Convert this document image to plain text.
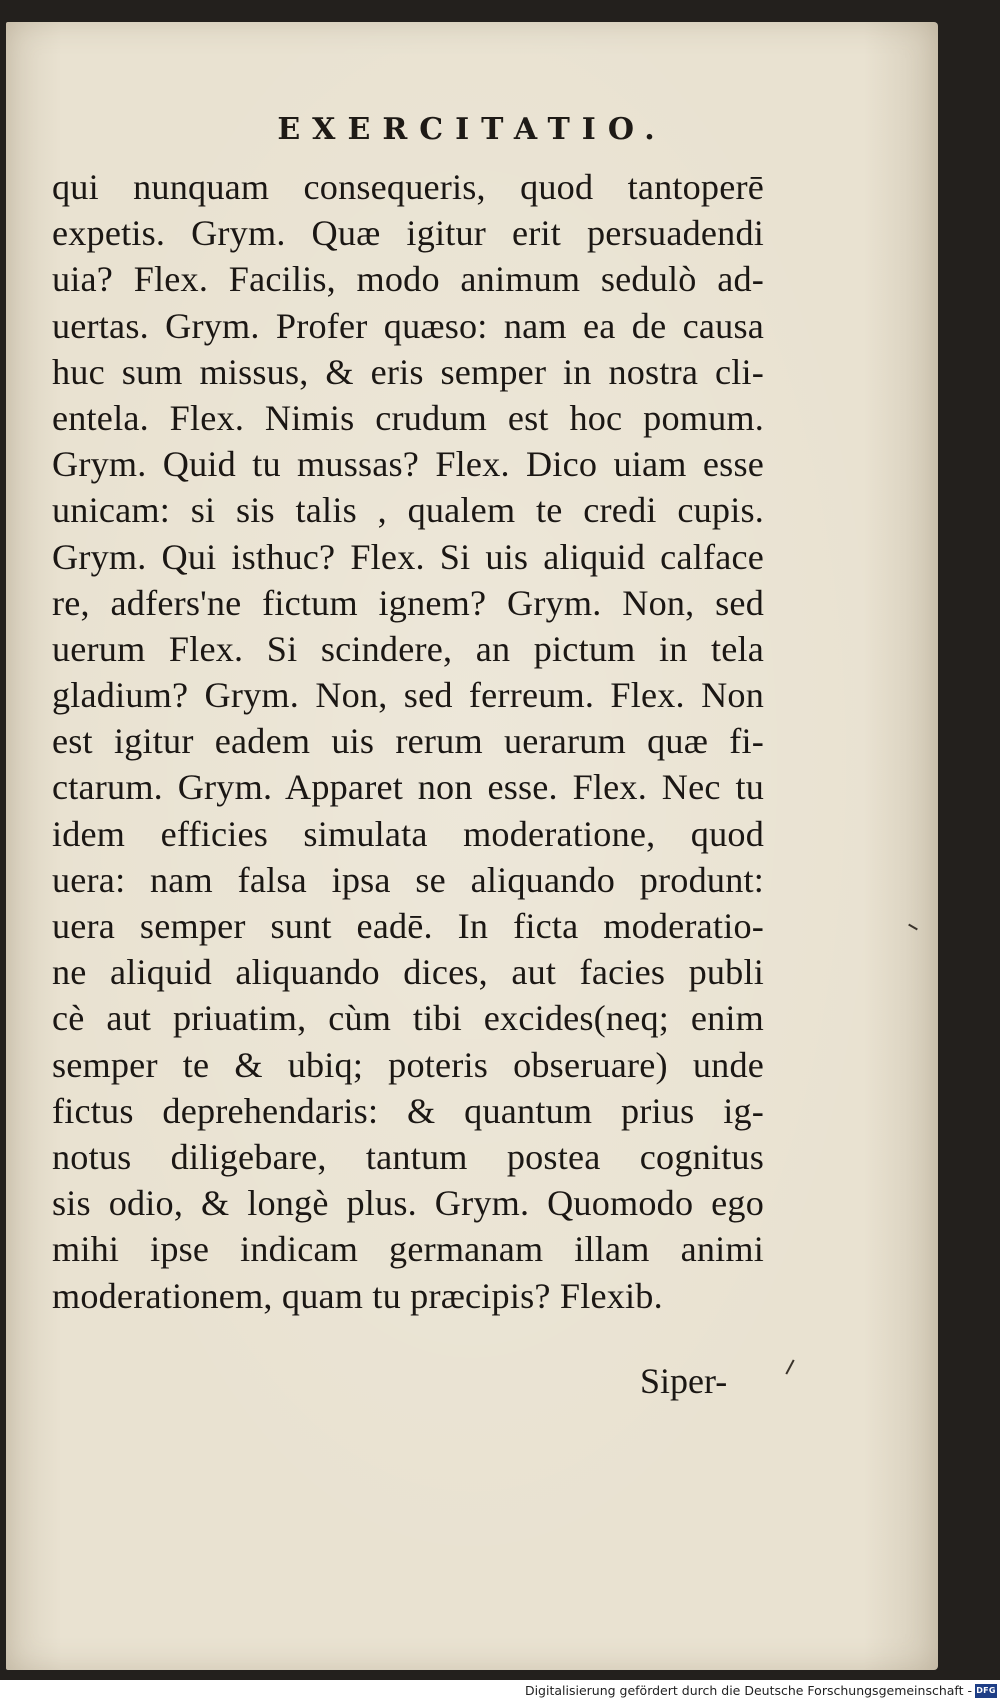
EXERCITATIO.
qui nunquam consequeris, quod tantoperē
expetis. Grym. Quæ igitur erit persuadendi
uia? Flex. Facilis, modo animum sedulò ad-
uertas. Grym. Profer quæso: nam ea de causa
huc sum missus, & eris semper in nostra cli-
entela. Flex. Nimis crudum est hoc pomum.
Grym. Quid tu mussas? Flex. Dico uiam esse
unicam: si sis talis , qualem te credi cupis.
Grym. Qui isthuc? Flex. Si uis aliquid calface
re, adfers'ne fictum ignem? Grym. Non, sed
uerum Flex. Si scindere, an pictum in tela
gladium? Grym. Non, sed ferreum. Flex. Non
est igitur eadem uis rerum uerarum quæ fi-
ctarum. Grym. Apparet non esse. Flex. Nec tu
idem efficies simulata moderatione, quod
uera: nam falsa ipsa se aliquando produnt:
uera semper sunt eadē. In ficta moderatio-
ne aliquid aliquando dices, aut facies publi
cè aut priuatim, cùm tibi excides(neq; enim
semper te & ubiq; poteris obseruare) unde
fictus deprehendaris: & quantum prius ig-
notus diligebare, tantum postea cognitus
sis odio, & longè plus. Grym. Quomodo ego
mihi ipse indicam germanam illam animi
moderationem, quam tu præcipis? Flexib.
Siper-
Digitalisierung gefördert durch die Deutsche Forschungsgemeinschaft - DFG
